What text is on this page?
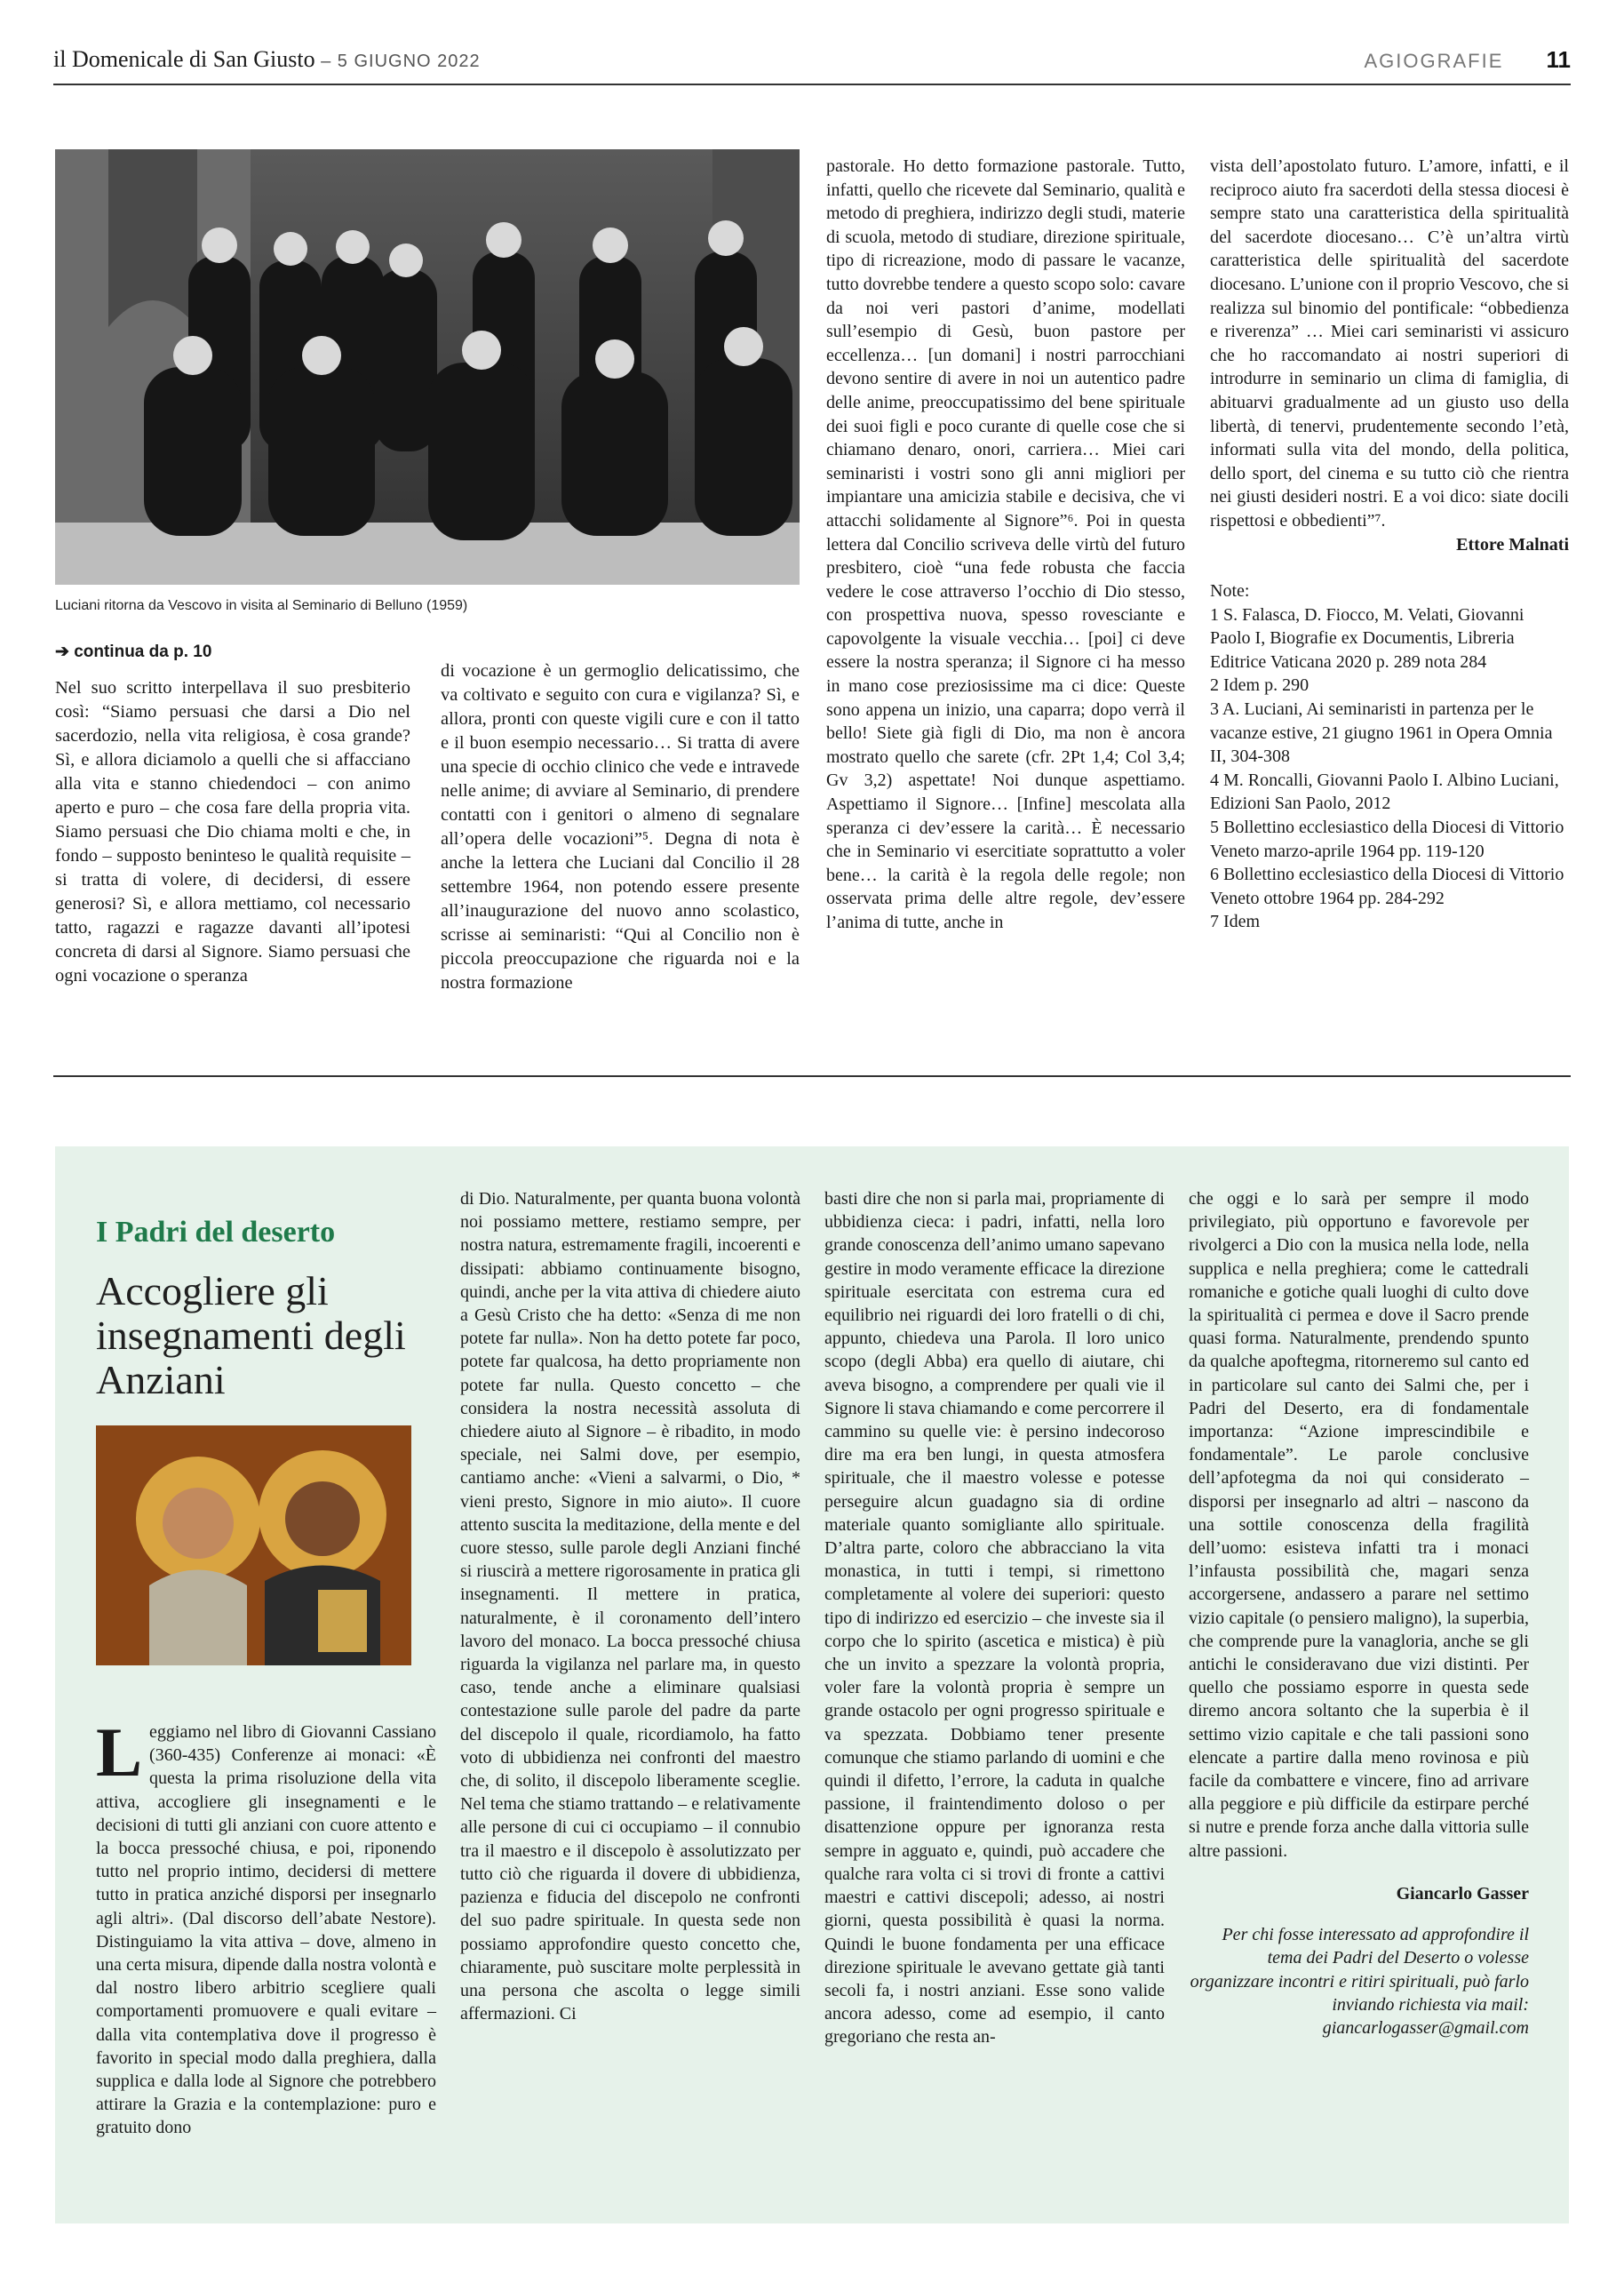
il Domenicale di San Giusto – 5 GIUGNO 2022	AGIOGRAFIE 11
Luciani ritorna da Vescovo in visita al Seminario di Belluno (1959)

➔ continua da p. 10

Nel suo scritto interpellava il suo presbiterio così: “Siamo persuasi che darsi a Dio nel sacerdozio, nella vita religiosa, è cosa grande? Sì, e allora diciamolo a quelli che si affacciano alla vita e stanno chiedendoci – con animo aperto e puro – che cosa fare della propria vita. Siamo persuasi che Dio chiama molti e che, in fondo – supposto beninteso le qualità requisite – si tratta di volere, di decidersi, di essere generosi? Sì, e allora mettiamo, col necessario tatto, ragazzi e ragazze davanti all’ipotesi concreta di darsi al Signore. Siamo persuasi che ogni vocazione o speranza

di vocazione è un germoglio delicatissimo, che va coltivato e seguito con cura e vigilanza? Sì, e allora, pronti con queste vigili cure e con il tatto e il buon esempio necessario… Si tratta di avere una specie di occhio clinico che vede e intravede nelle anime; di avviare al Seminario, di prendere contatti con i genitori o almeno di segnalare all’opera delle vocazioni”⁵. Degna di nota è anche la lettera che Luciani dal Concilio il 28 settembre 1964, non potendo essere presente all’inaugurazione del nuovo anno scolastico, scrisse ai seminaristi: “Qui al Concilio non è piccola preoccupazione che riguarda noi e la nostra formazione

pastorale. Ho detto formazione pastorale. Tutto, infatti, quello che ricevete dal Seminario, qualità e metodo di preghiera, indirizzo degli studi, materie di scuola, metodo di studiare, direzione spirituale, tipo di ricreazione, modo di passare le vacanze, tutto dovrebbe tendere a questo scopo solo: cavare da noi veri pastori d’anime, modellati sull’esempio di Gesù, buon pastore per eccellenza… [un domani] i nostri parrocchiani devono sentire di avere in noi un autentico padre delle anime, preoccupatissimo del bene spirituale dei suoi figli e poco curante di quelle cose che si chiamano denaro, onori, carriera… Miei cari seminaristi i vostri sono gli anni migliori per impiantare una amicizia stabile e decisiva, che vi attacchi solidamente al Signore”⁶. Poi in questa lettera dal Concilio scriveva delle virtù del futuro presbitero, cioè “una fede robusta che faccia vedere le cose attraverso l’occhio di Dio stesso, con prospettiva nuova, spesso rovesciante e capovolgente la visuale vecchia… [poi] ci deve essere la nostra speranza; il Signore ci ha messo in mano cose preziosissime ma ci dice: Queste sono appena un inizio, una caparra; dopo verrà il bello! Siete già figli di Dio, ma non è ancora mostrato quello che sarete (cfr. 2Pt 1,4; Col 3,4; Gv 3,2) aspettate! Noi dunque aspettiamo. Aspettiamo il Signore… [Infine] mescolata alla speranza ci dev’essere la carità… È necessario che in Seminario vi esercitiate soprattutto a voler bene… la carità è la regola delle regole; non osservata prima delle altre regole, dev’essere l’anima di tutte, anche in

vista dell’apostolato futuro. L’amore, infatti, e il reciproco aiuto fra sacerdoti della stessa diocesi è sempre stato una caratteristica della spiritualità del sacerdote diocesano… C’è un’altra virtù caratteristica delle spiritualità del sacerdote diocesano. L’unione con il proprio Vescovo, che si realizza sul binomio del pontificale: “obbedienza e riverenza” … Miei cari seminaristi vi assicuro che ho raccomandato ai nostri superiori di introdurre in seminario un clima di famiglia, di abituarvi gradualmente ad un giusto uso della libertà, di tenervi, prudentemente secondo l’età, informati sulla vita del mondo, della politica, dello sport, del cinema e su tutto ciò che rientra nei giusti desideri nostri. E a voi dico: siate docili rispettosi e obbedienti”⁷.

Ettore Malnati

Note:

1 S. Falasca, D. Fiocco, M. Velati, Giovanni Paolo I, Biografie ex Documentis, Libreria Editrice Vaticana 2020 p. 289 nota 284

2 Idem p. 290

3 A. Luciani, Ai seminaristi in partenza per le vacanze estive, 21 giugno 1961 in Opera Omnia II, 304-308

4 M. Roncalli, Giovanni Paolo I. Albino Luciani, Edizioni San Paolo, 2012

5 Bollettino ecclesiastico della Diocesi di Vittorio Veneto marzo-aprile 1964 pp. 119-120

6 Bollettino ecclesiastico della Diocesi di Vittorio Veneto ottobre 1964 pp. 284-292

7 Idem

I Padri del deserto
Accogliere gli insegnamenti degli Anziani

L eggiamo nel libro di Giovanni Cassiano (360-435) Conferenze ai monaci: «È questa la prima risoluzione della vita attiva, accogliere gli insegnamenti e le decisioni di tutti gli anziani con cuore attento e la bocca pressoché chiusa, e poi, riponendo tutto nel proprio intimo, decidersi di mettere tutto in pratica anziché disporsi per insegnarlo agli altri». (Dal discorso dell’abate Nestore). Distinguiamo la vita attiva – dove, almeno in una certa misura, dipende dalla nostra volontà e dal nostro libero arbitrio scegliere quali comportamenti promuovere e quali evitare – dalla vita contemplativa dove il progresso è favorito in special modo dalla preghiera, dalla supplica e dalla lode al Signore che potrebbero attirare la Grazia e la contemplazione: puro e gratuito dono

di Dio. Naturalmente, per quanta buona volontà noi possiamo mettere, restiamo sempre, per nostra natura, estremamente fragili, incoerenti e dissipati: abbiamo continuamente bisogno, quindi, anche per la vita attiva di chiedere aiuto a Gesù Cristo che ha detto: «Senza di me non potete far nulla». Non ha detto potete far poco, potete far qualcosa, ha detto propriamente non potete far nulla. Questo concetto – che considera la nostra necessità assoluta di chiedere aiuto al Signore – è ribadito, in modo speciale, nei Salmi dove, per esempio, cantiamo anche: «Vieni a salvarmi, o Dio, * vieni presto, Signore in mio aiuto». Il cuore attento suscita la meditazione, della mente e del cuore stesso, sulle parole degli Anziani finché si riuscirà a mettere rigorosamente in pratica gli insegnamenti. Il mettere in pratica, naturalmente, è il coronamento dell’intero lavoro del monaco. La bocca pressoché chiusa riguarda la vigilanza nel parlare ma, in questo caso, tende anche a eliminare qualsiasi contestazione sulle parole del padre da parte del discepolo il quale, ricordiamolo, ha fatto voto di ubbidienza nei confronti del maestro che, di solito, il discepolo liberamente sceglie. Nel tema che stiamo trattando – e relativamente alle persone di cui ci occupiamo – il connubio tra il maestro e il discepolo è assolutizzato per tutto ciò che riguarda il dovere di ubbidienza, pazienza e fiducia del discepolo ne confronti del suo padre spirituale. In questa sede non possiamo approfondire questo concetto che, chiaramente, può suscitare molte perplessità in una persona che ascolta o legge simili affermazioni. Ci

basti dire che non si parla mai, propriamente di ubbidienza cieca: i padri, infatti, nella loro grande conoscenza dell’animo umano sapevano gestire in modo veramente efficace la direzione spirituale esercitata con estrema cura ed equilibrio nei riguardi dei loro fratelli o di chi, appunto, chiedeva una Parola. Il loro unico scopo (degli Abba) era quello di aiutare, chi aveva bisogno, a comprendere per quali vie il Signore li stava chiamando e come percorrere il cammino su quelle vie: è persino indecoroso dire ma era ben lungi, in questa atmosfera spirituale, che il maestro volesse e potesse perseguire alcun guadagno sia di ordine materiale quanto somigliante allo spirituale. D’altra parte, coloro che abbracciano la vita monastica, in tutti i tempi, si rimettono completamente al volere dei superiori: questo tipo di indirizzo ed esercizio – che investe sia il corpo che lo spirito (ascetica e mistica) è più che un invito a spezzare la volontà propria, voler fare la volontà propria è sempre un grande ostacolo per ogni progresso spirituale e va spezzata. Dobbiamo tener presente comunque che stiamo parlando di uomini e che quindi il difetto, l’errore, la caduta in qualche passione, il fraintendimento doloso o per disattenzione oppure per ignoranza resta sempre in agguato e, quindi, può accadere che qualche rara volta ci si trovi di fronte a cattivi maestri e cattivi discepoli; adesso, ai nostri giorni, questa possibilità è quasi la norma. Quindi le buone fondamenta per una efficace direzione spirituale le avevano gettate già tanti secoli fa, i nostri anziani. Esse sono valide ancora adesso, come ad esempio, il canto gregoriano che resta an-

che oggi e lo sarà per sempre il modo privilegiato, più opportuno e favorevole per rivolgerci a Dio con la musica nella lode, nella supplica e nella preghiera; come le cattedrali romaniche e gotiche quali luoghi di culto dove la spiritualità ci permea e dove il Sacro prende quasi forma. Naturalmente, prendendo spunto da qualche apoftegma, ritorneremo sul canto ed in particolare sul canto dei Salmi che, per i Padri del Deserto, era di fondamentale importanza: “Azione imprescindibile e fondamentale”. Le parole conclusive dell’apfotegma da noi qui considerato – disporsi per insegnarlo ad altri – nascono da una sottile conoscenza della fragilità dell’uomo: esisteva infatti tra i monaci l’infausta possibilità che, magari senza accorgersene, andassero a parare nel settimo vizio capitale (o pensiero maligno), la superbia, che comprende pure la vanagloria, anche se gli antichi le consideravano due vizi distinti. Per quello che possiamo esporre in questa sede diremo ancora soltanto che la superbia è il settimo vizio capitale e che tali passioni sono elencate a partire dalla meno rovinosa e più facile da combattere e vincere, fino ad arrivare alla peggiore e più difficile da estirpare perché si nutre e prende forza anche dalla vittoria sulle altre passioni.

Giancarlo Gasser

Per chi fosse interessato ad approfondire il tema dei Padri del Deserto o volesse organizzare incontri e ritiri spirituali, può farlo inviando richiesta via mail:

giancarlogasser@gmail.com
